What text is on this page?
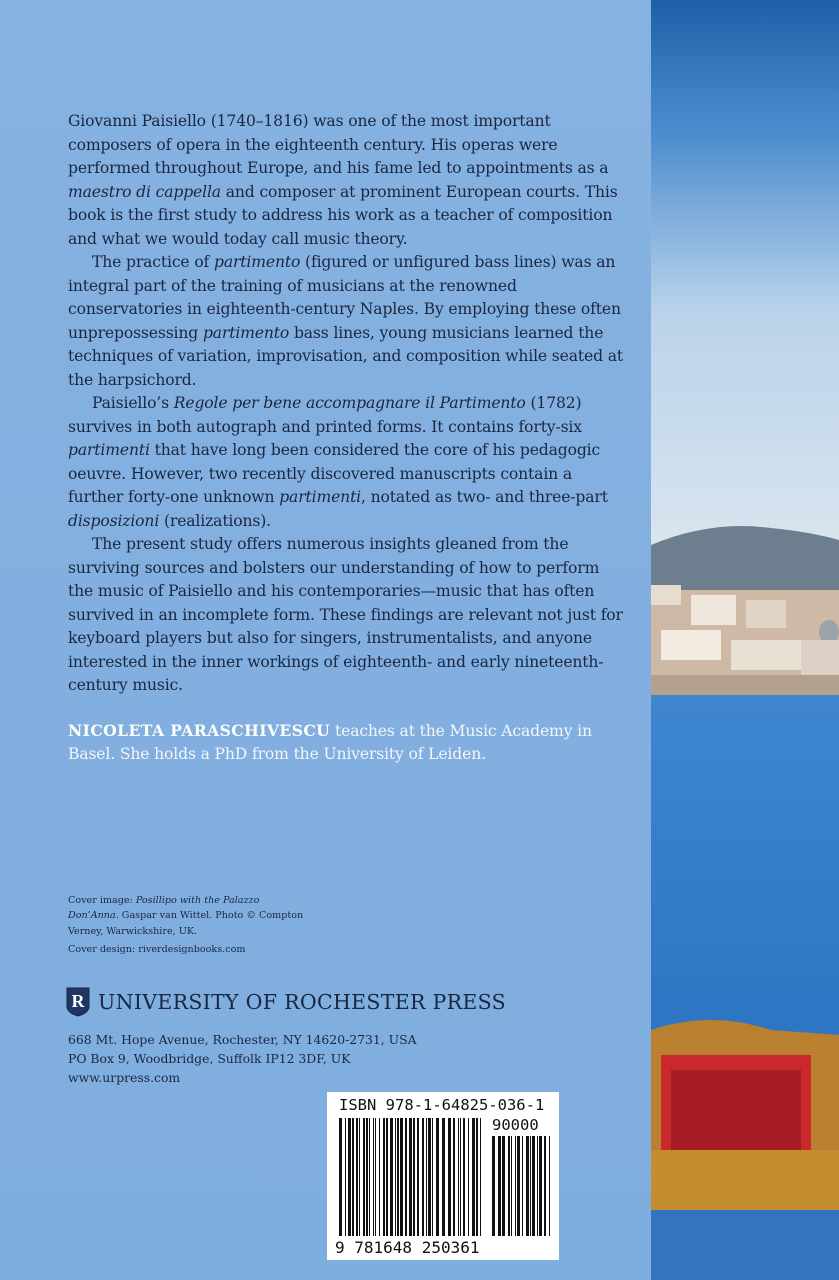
Giovanni Paisiello (1740–1816) was one of the most important composers of opera in the eighteenth century. His operas were performed throughout Europe, and his fame led to appointments as a maestro di cappella and composer at prominent European courts. This book is the first study to address his work as a teacher of composition and what we would today call music theory.

The practice of partimento (figured or unfigured bass lines) was an integral part of the training of musicians at the renowned conservatories in eighteenth-century Naples. By employing these often unprepossessing partimento bass lines, young musicians learned the techniques of variation, improvisation, and composition while seated at the harpsichord.

Paisiello’s Regole per bene accompagnare il Partimento (1782) survives in both autograph and printed forms. It contains forty-six partimenti that have long been considered the core of his pedagogic oeuvre. However, two recently discovered manuscripts contain a further forty-one unknown partimenti, notated as two- and three-part disposizioni (realizations).

The present study offers numerous insights gleaned from the surviving sources and bolsters our understanding of how to perform the music of Paisiello and his contemporaries—music that has often survived in an incomplete form. These findings are relevant not just for keyboard players but also for singers, instrumentalists, and anyone interested in the inner workings of eighteenth- and early nineteenth-century music.

NICOLETA PARASCHIVESCU teaches at the Music Academy in Basel. She holds a PhD from the University of Leiden.

Cover image: Posillipo with the Palazzo Don’Anna. Gaspar van Wittel. Photo © Compton Verney, Warwickshire, UK.

Cover design: riverdesignbooks.com

R UNIVERSITY OF ROCHESTER PRESS

668 Mt. Hope Avenue, Rochester, NY 14620-2731, USA

PO Box 9, Woodbridge, Suffolk IP12 3DF, UK

www.urpress.com

ISBN 978-1-64825-036-1
90000
9 781648 250361
